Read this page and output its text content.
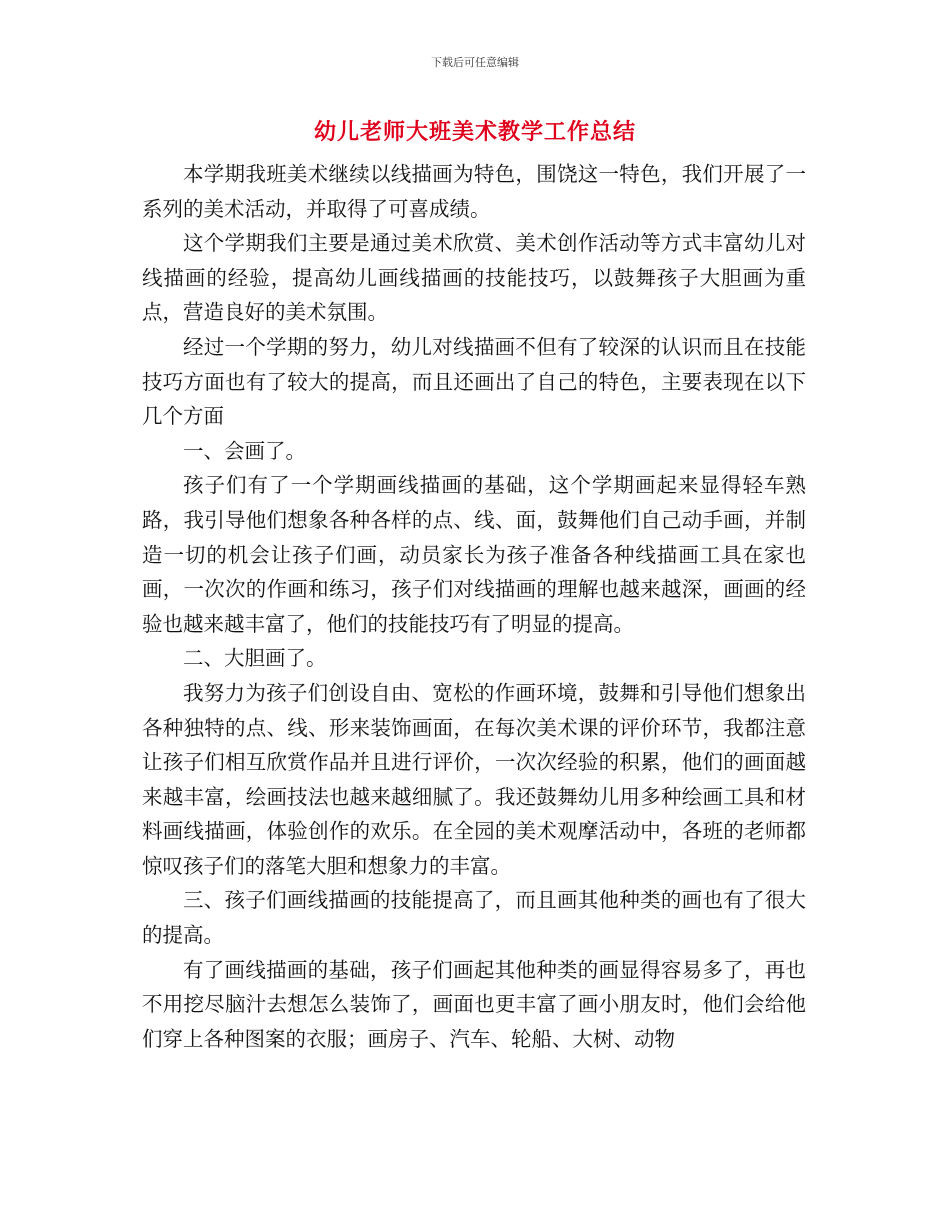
下载后可任意编辑
幼儿老师大班美术教学工作总结

本学期我班美术继续以线描画为特色，围饶这一特色，我们开展了一系列的美术活动，并取得了可喜成绩。

这个学期我们主要是通过美术欣赏、美术创作活动等方式丰富幼儿对线描画的经验，提高幼儿画线描画的技能技巧，以鼓舞孩子大胆画为重点，营造良好的美术氛围。

经过一个学期的努力，幼儿对线描画不但有了较深的认识而且在技能技巧方面也有了较大的提高，而且还画出了自己的特色，主要表现在以下几个方面

一、会画了。

孩子们有了一个学期画线描画的基础，这个学期画起来显得轻车熟路，我引导他们想象各种各样的点、线、面，鼓舞他们自己动手画，并制造一切的机会让孩子们画，动员家长为孩子准备各种线描画工具在家也画，一次次的作画和练习，孩子们对线描画的理解也越来越深，画画的经验也越来越丰富了，他们的技能技巧有了明显的提高。

二、大胆画了。

我努力为孩子们创设自由、宽松的作画环境，鼓舞和引导他们想象出各种独特的点、线、形来装饰画面，在每次美术课的评价环节，我都注意让孩子们相互欣赏作品并且进行评价，一次次经验的积累，他们的画面越来越丰富，绘画技法也越来越细腻了。我还鼓舞幼儿用多种绘画工具和材料画线描画，体验创作的欢乐。在全园的美术观摩活动中，各班的老师都惊叹孩子们的落笔大胆和想象力的丰富。

三、孩子们画线描画的技能提高了，而且画其他种类的画也有了很大的提高。

有了画线描画的基础，孩子们画起其他种类的画显得容易多了，再也不用挖尽脑汁去想怎么装饰了，画面也更丰富了画小朋友时，他们会给他们穿上各种图案的衣服；画房子、汽车、轮船、大树、动物
